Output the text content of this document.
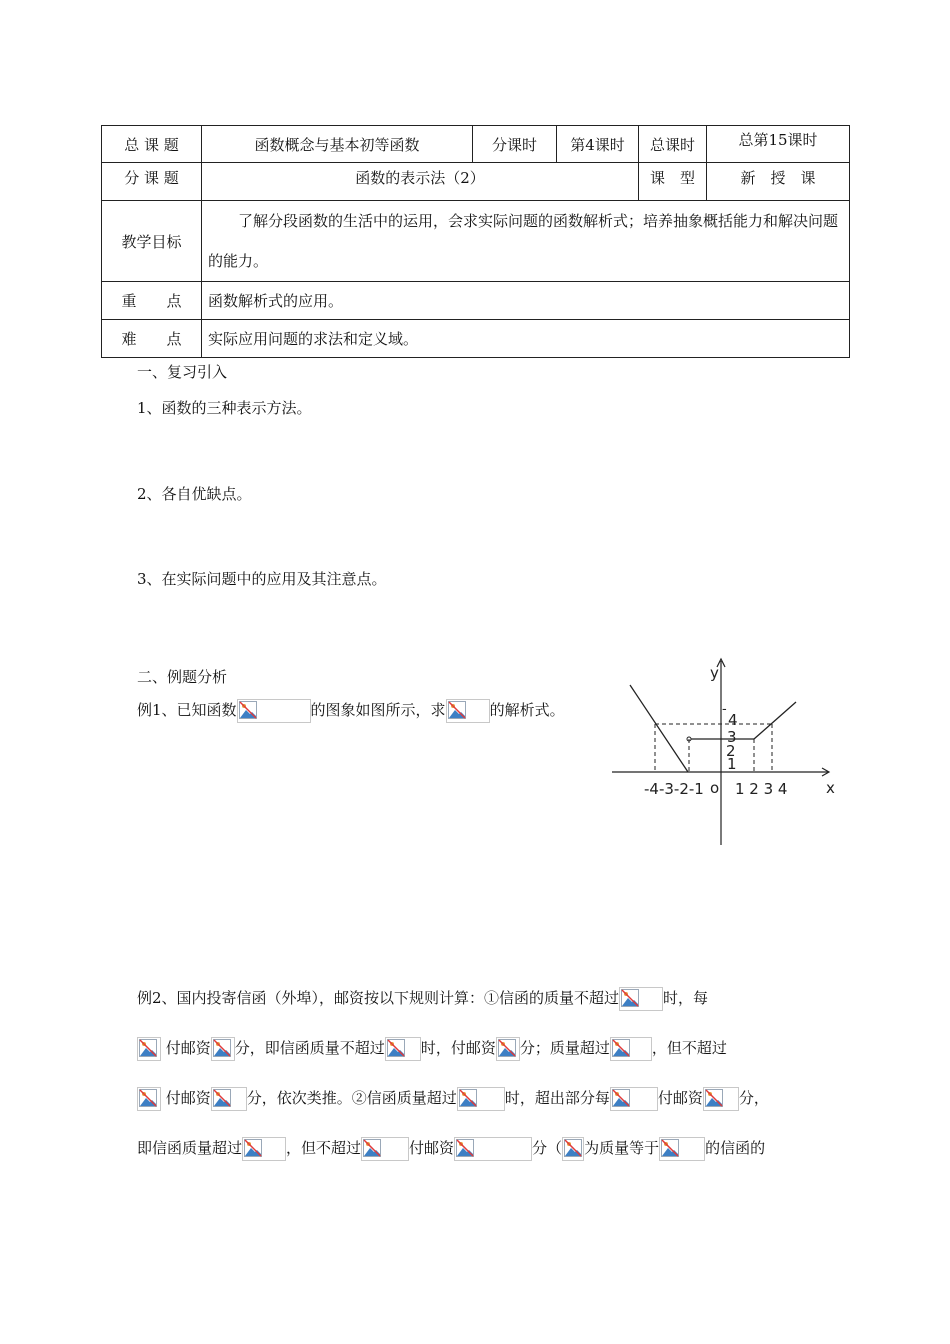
总 课 题	函数概念与基本初等函数	分课时	第4课时	总课时	总第15课时
分 课 题	函数的表示法（2）			课　型	新　授　课
教学目标	了解分段函数的生活中的运用，会求实际问题的函数解析式；培养抽象概括能力和解决问题的能力。				
重　　点	函数解析式的应用。				
难　　点	实际应用问题的求法和定义域。				
一、复习引入
1、函数的三种表示方法。
2、各自优缺点。
3、在实际问题中的应用及其注意点。
二、例题分析
例1、已知函数	的图象如图所示，求	的解析式。
y
-
4
3
2
1
-4-3-2-1 o 1 2 3 4	x
例2、国内投寄信函（外埠），邮资按以下规则计算：①信函的质量不超过	时，每
付邮资 分，即信函质量不超过 时，付邮资 分；质量超过	，但不超过
付邮资 分，依次类推。②信函质量超过	时，超出部分每	付邮资 分，
即信函质量超过	，但不超过	付邮资	分（ 为质量等于	的信函的
